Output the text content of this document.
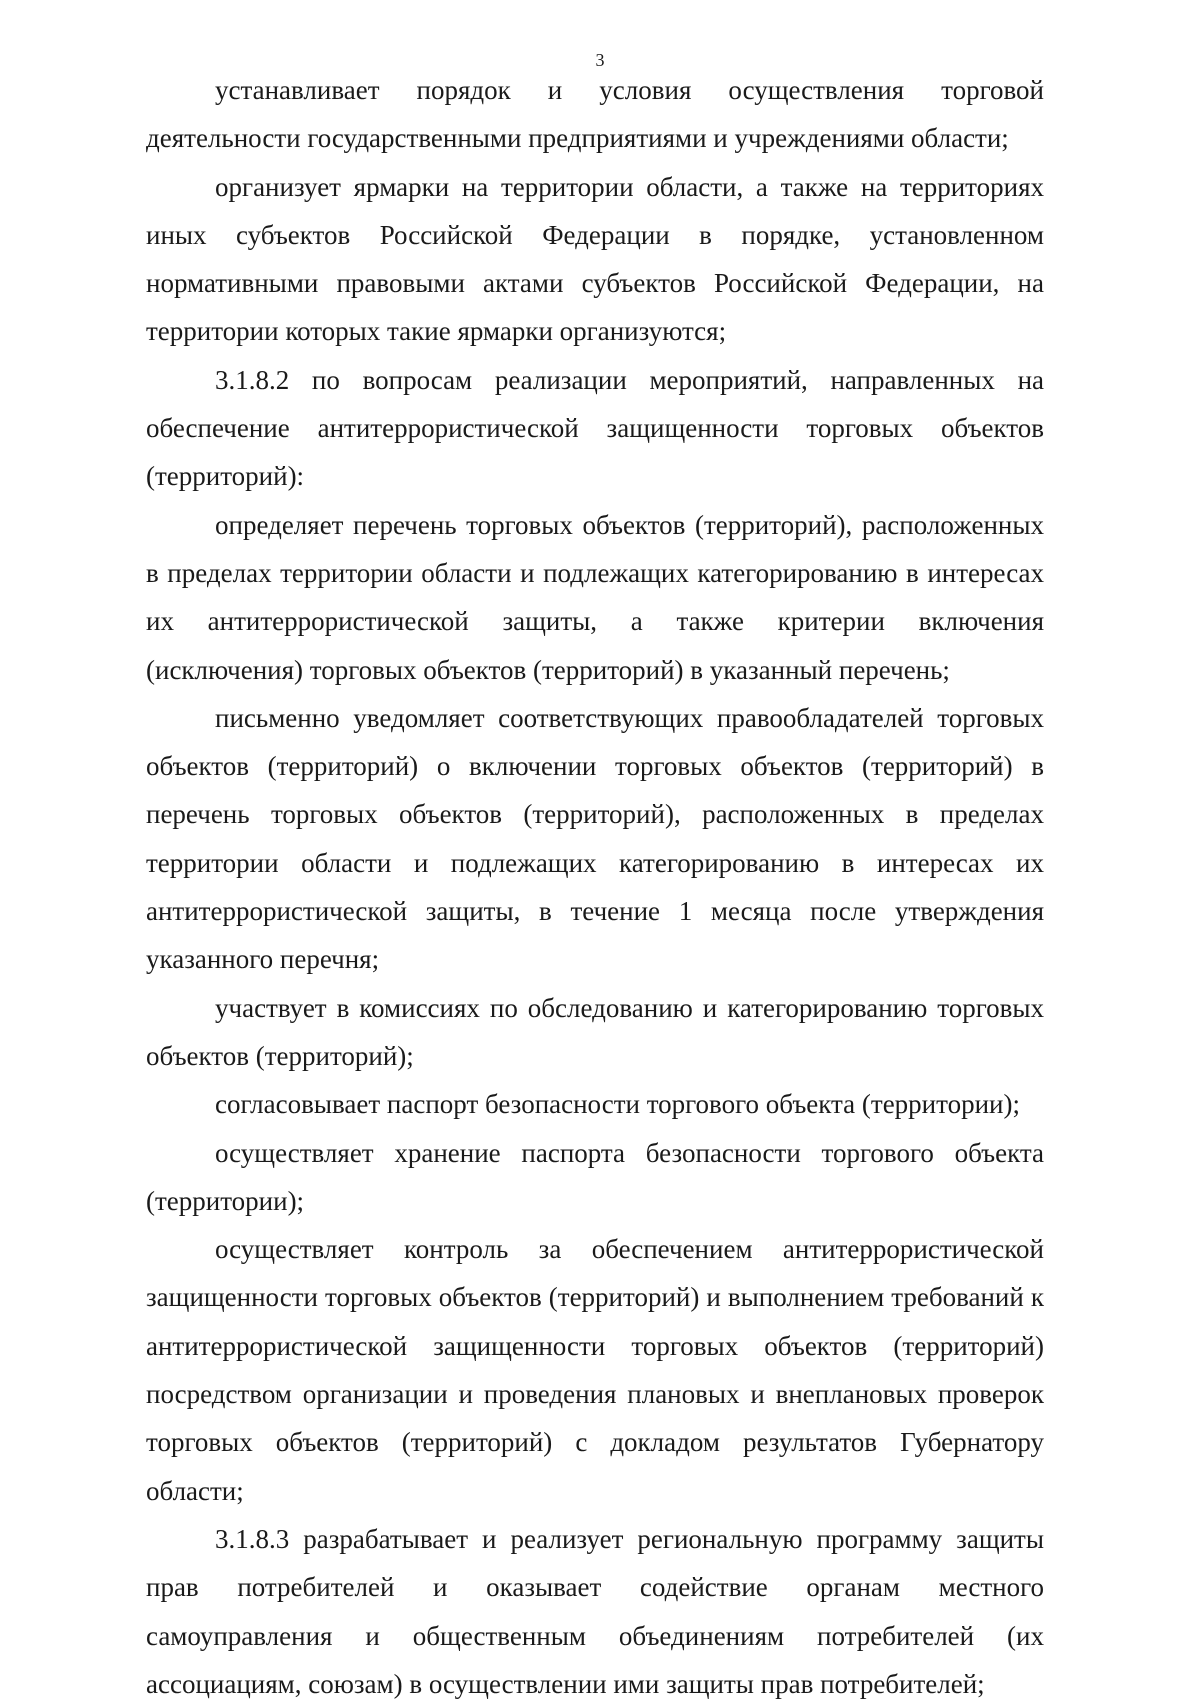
3

устанавливает порядок и условия осуществления торговой деятельности государственными предприятиями и учреждениями области;

организует ярмарки на территории области, а также на территориях иных субъектов Российской Федерации в порядке, установленном нормативными правовыми актами субъектов Российской Федерации, на территории которых такие ярмарки организуются;

3.1.8.2 по вопросам реализации мероприятий, направленных на обеспечение антитеррористической защищенности торговых объектов (территорий):

определяет перечень торговых объектов (территорий), расположенных в пределах территории области и подлежащих категорированию в интересах их антитеррористической защиты, а также критерии включения (исключения) торговых объектов (территорий) в указанный перечень;

письменно уведомляет соответствующих правообладателей торговых объектов (территорий) о включении торговых объектов (территорий) в перечень торговых объектов (территорий), расположенных в пределах территории области и подлежащих категорированию в интересах их антитеррористической защиты, в течение 1 месяца после утверждения указанного перечня;

участвует в комиссиях по обследованию и категорированию торговых объектов (территорий);

согласовывает паспорт безопасности торгового объекта (территории);

осуществляет хранение паспорта безопасности торгового объекта (территории);

осуществляет контроль за обеспечением антитеррористической защищенности торговых объектов (территорий) и выполнением требований к антитеррористической защищенности торговых объектов (территорий) посредством организации и проведения плановых и внеплановых проверок торговых объектов (территорий) с докладом результатов Губернатору области;

3.1.8.3 разрабатывает и реализует региональную программу защиты прав потребителей и оказывает содействие органам местного самоуправления и общественным объединениям потребителей (их ассоциациям, союзам) в осуществлении ими защиты прав потребителей;
